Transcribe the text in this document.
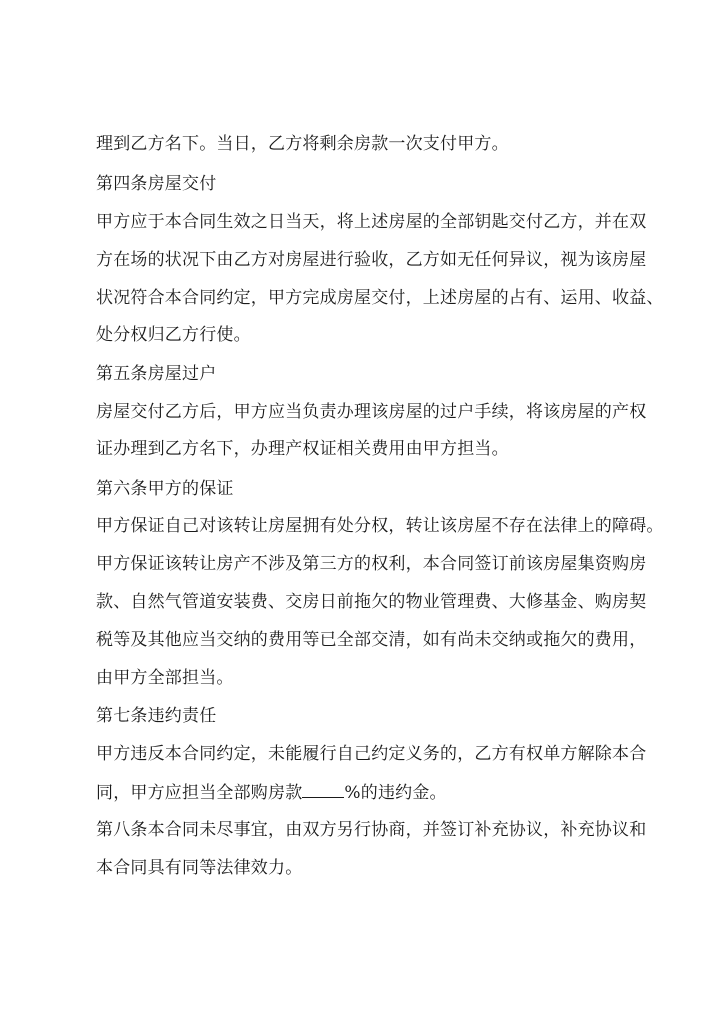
理到乙方名下。当日，乙方将剩余房款一次支付甲方。
第四条房屋交付
甲方应于本合同生效之日当天，将上述房屋的全部钥匙交付乙方，并在双
方在场的状况下由乙方对房屋进行验收，乙方如无任何异议，视为该房屋
状况符合本合同约定，甲方完成房屋交付，上述房屋的占有、运用、收益、
处分权归乙方行使。
第五条房屋过户
房屋交付乙方后，甲方应当负责办理该房屋的过户手续，将该房屋的产权
证办理到乙方名下，办理产权证相关费用由甲方担当。
第六条甲方的保证
甲方保证自己对该转让房屋拥有处分权，转让该房屋不存在法律上的障碍。
甲方保证该转让房产不涉及第三方的权利，本合同签订前该房屋集资购房
款、自然气管道安装费、交房日前拖欠的物业管理费、大修基金、购房契
税等及其他应当交纳的费用等已全部交清，如有尚未交纳或拖欠的费用，
由甲方全部担当。
第七条违约责任
甲方违反本合同约定，未能履行自己约定义务的，乙方有权单方解除本合
同，甲方应担当全部购房款 %的违约金。
第八条本合同未尽事宜，由双方另行协商，并签订补充协议，补充协议和
本合同具有同等法律效力。
